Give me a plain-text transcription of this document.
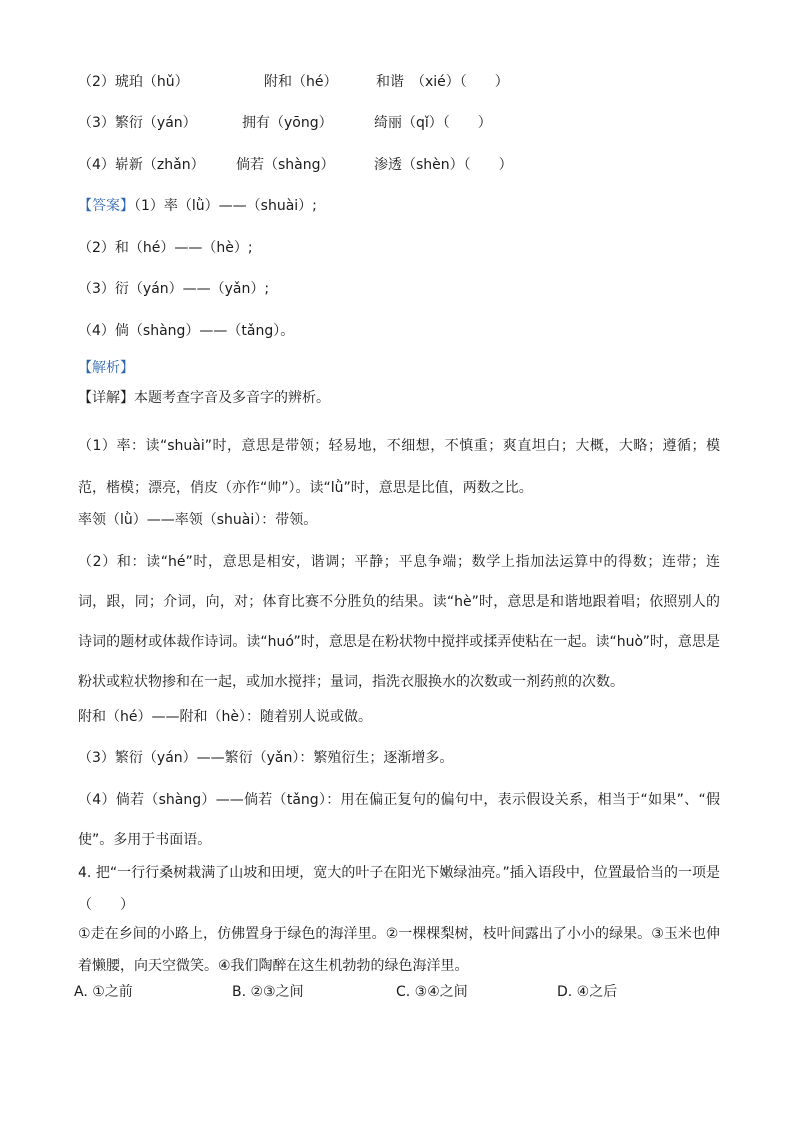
（2）琥珀（hǔ）	附和（hé）	和谐　（xié）（　　）
（3）繁衍（yán）	拥有（yōng）	绮丽（qǐ）（　　）
（4）崭新（zhǎn） 倘若（shàng）	渗透（shèn）（　　）
【答案】（1）率（lǜ）——（shuài）;
（2）和（hé）——（hè）;
（3）衍（yán）——（yǎn）;
（4）倘（shàng）——（tǎng）。
【解析】
【详解】本题考查字音及多音字的辨析。
（1）率：读“shuài”时，意思是带领；轻易地，不细想，不慎重；爽直坦白；大概，大略；遵循；模范，楷模；漂亮，俏皮（亦作“帅”）。读“lǜ”时，意思是比值，两数之比。
率领（lǜ）——率领（shuài）：带领。
（2）和：读“hé”时，意思是相安，谐调；平静；平息争端；数学上指加法运算中的得数；连带；连词，跟，同；介词，向，对；体育比赛不分胜负的结果。读“hè”时，意思是和谐地跟着唱；依照别人的诗词的题材或体裁作诗词。读“huó”时，意思是在粉状物中搅拌或揉弄使粘在一起。读“huò”时，意思是粉状或粒状物掺和在一起，或加水搅拌；量词，指洗衣服换水的次数或一剂药煎的次数。
附和（hé）——附和（hè）：随着别人说或做。
（3）繁衍（yán）——繁衍（yǎn）：繁殖衍生；逐渐增多。
（4）倘若（shàng）——倘若（tǎng）：用在偏正复句的偏句中，表示假设关系，相当于“如果”、“假使”。多用于书面语。
4. 把“一行行桑树栽满了山坡和田埂，宽大的叶子在阳光下嫩绿油亮。”插入语段中，位置最恰当的一项是（　　）
①走在乡间的小路上，仿佛置身于绿色的海洋里。②一棵棵梨树，枝叶间露出了小小的绿果。③玉米也伸着懒腰，向天空微笑。④我们陶醉在这生机勃勃的绿色海洋里。
A. ①之前	B. ②③之间	C. ③④之间	D. ④之后
